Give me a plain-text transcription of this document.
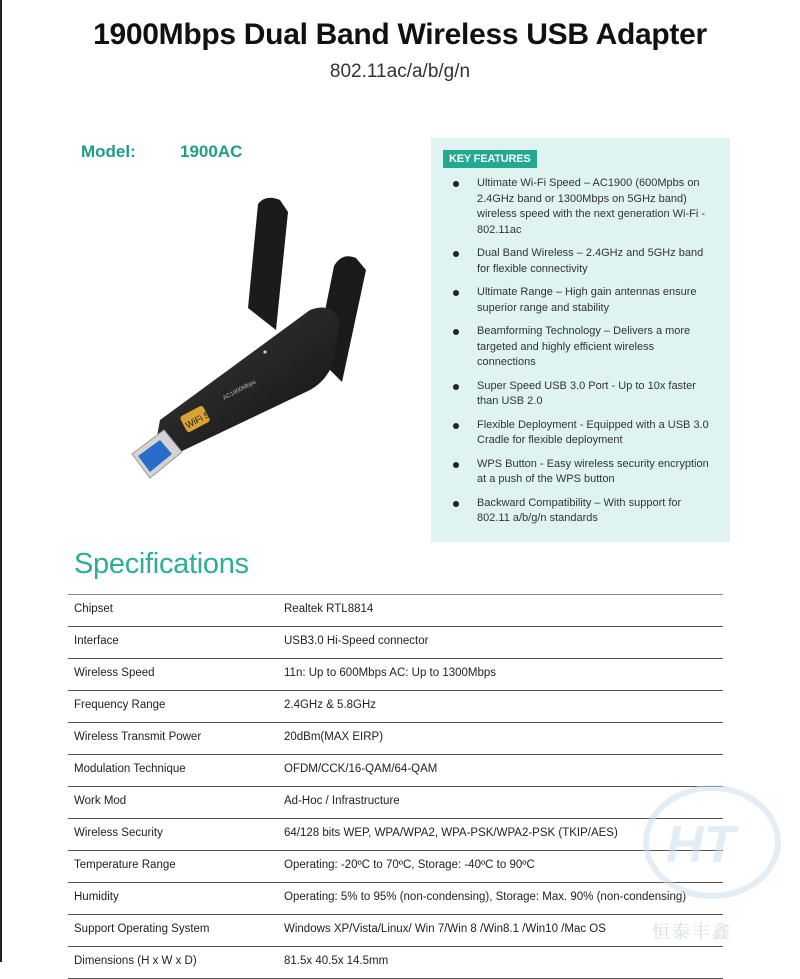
1900Mbps Dual Band Wireless USB Adapter
802.11ac/a/b/g/n
Model:	1900AC
WiFi 5
AC1900Mbps
KEY FEATURES
Ultimate Wi-Fi Speed – AC1900 (600Mpbs on 2.4GHz band or 1300Mbps on 5GHz band) wireless speed with the next generation Wi-Fi - 802.11ac
Dual Band Wireless – 2.4GHz and 5GHz band for flexible connectivity
Ultimate Range – High gain antennas ensure superior range and stability
Beamforming Technology – Delivers a more targeted and highly efficient wireless connections
Super Speed USB 3.0 Port - Up to 10x faster than USB 2.0
Flexible Deployment - Equipped with a USB 3.0 Cradle for flexible deployment
WPS Button - Easy wireless security encryption at a push of the WPS button
Backward Compatibility – With support for 802.11 a/b/g/n standards
Specifications
Chipset	Realtek RTL8814
Interface	USB3.0 Hi-Speed connector
Wireless Speed	11n: Up to 600Mbps AC: Up to 1300Mbps
Frequency Range	2.4GHz & 5.8GHz
Wireless Transmit Power	20dBm(MAX EIRP)
Modulation Technique	OFDM/CCK/16-QAM/64-QAM
Work Mod	Ad-Hoc / Infrastructure
Wireless Security	64/128 bits WEP, WPA/WPA2, WPA-PSK/WPA2-PSK (TKIP/AES)
Temperature Range	Operating: -20ºC to 70ºC, Storage: -40ºC to 90ºC
Humidity	Operating: 5% to 95% (non-condensing), Storage: Max. 90% (non-condensing)
Support Operating System	Windows XP/Vista/Linux/ Win 7/Win 8 /Win8.1 /Win10 /Mac OS
Dimensions (H x W x D)	81.5x 40.5x 14.5mm
HT
恒泰丰鑫
